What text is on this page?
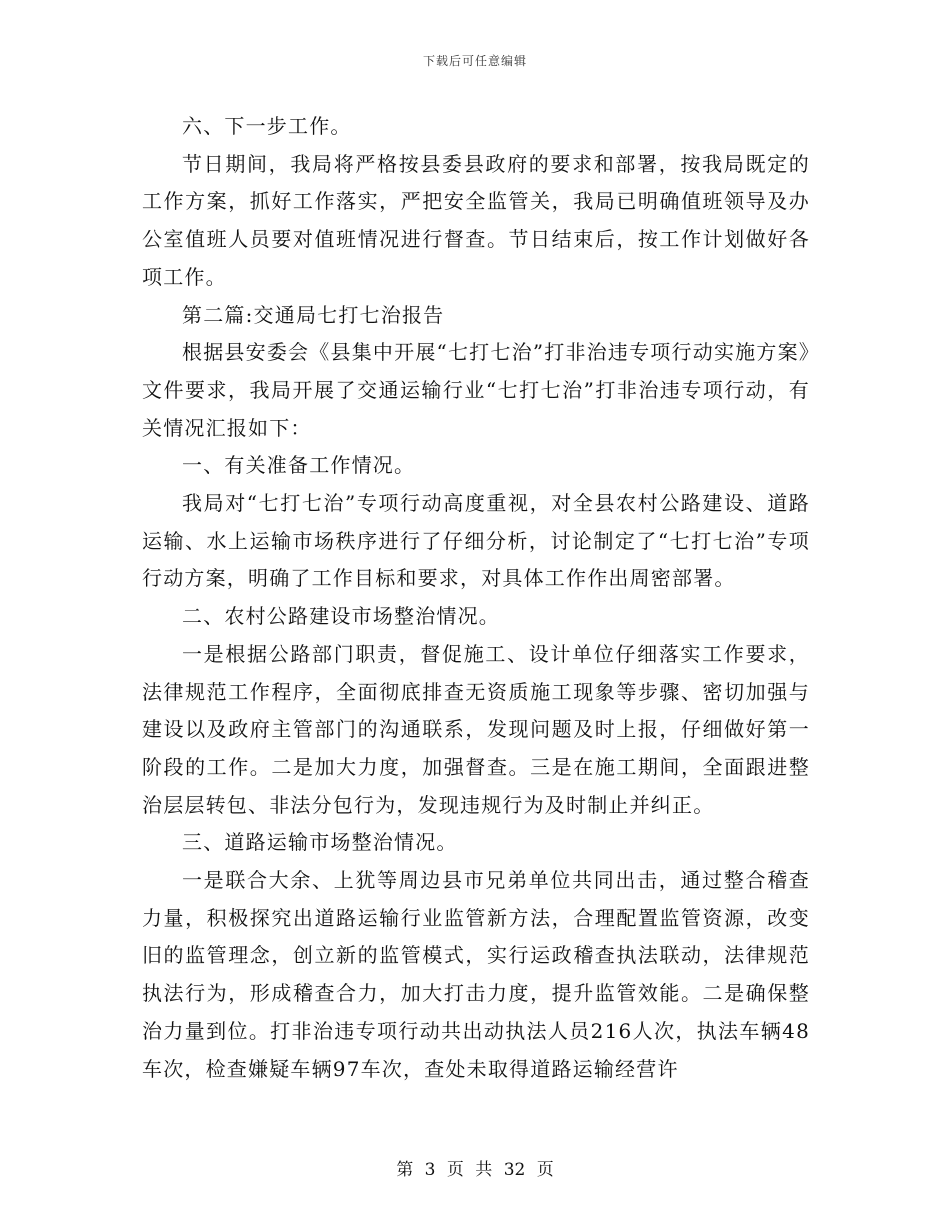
下载后可任意编辑

六、下一步工作。

节日期间，我局将严格按县委县政府的要求和部署，按我局既定的工作方案，抓好工作落实，严把安全监管关，我局已明确值班领导及办公室值班人员要对值班情况进行督查。节日结束后，按工作计划做好各项工作。

第二篇:交通局七打七治报告

根据县安委会《县集中开展“七打七治”打非治违专项行动实施方案》文件要求，我局开展了交通运输行业“七打七治”打非治违专项行动，有关情况汇报如下：

一、有关准备工作情况。

我局对“七打七治”专项行动高度重视，对全县农村公路建设、道路运输、水上运输市场秩序进行了仔细分析，讨论制定了“七打七治”专项行动方案，明确了工作目标和要求，对具体工作作出周密部署。

二、农村公路建设市场整治情况。

一是根据公路部门职责，督促施工、设计单位仔细落实工作要求，法律规范工作程序，全面彻底排查无资质施工现象等步骤、密切加强与建设以及政府主管部门的沟通联系，发现问题及时上报，仔细做好第一阶段的工作。二是加大力度，加强督查。三是在施工期间，全面跟进整治层层转包、非法分包行为，发现违规行为及时制止并纠正。

三、道路运输市场整治情况。

一是联合大余、上犹等周边县市兄弟单位共同出击，通过整合稽查力量，积极探究出道路运输行业监管新方法，合理配置监管资源，改变旧的监管理念，创立新的监管模式，实行运政稽查执法联动，法律规范执法行为，形成稽查合力，加大打击力度，提升监管效能。二是确保整治力量到位。打非治违专项行动共出动执法人员216人次，执法车辆48车次，检查嫌疑车辆97车次，查处未取得道路运输经营许

第 3 页 共 32 页
